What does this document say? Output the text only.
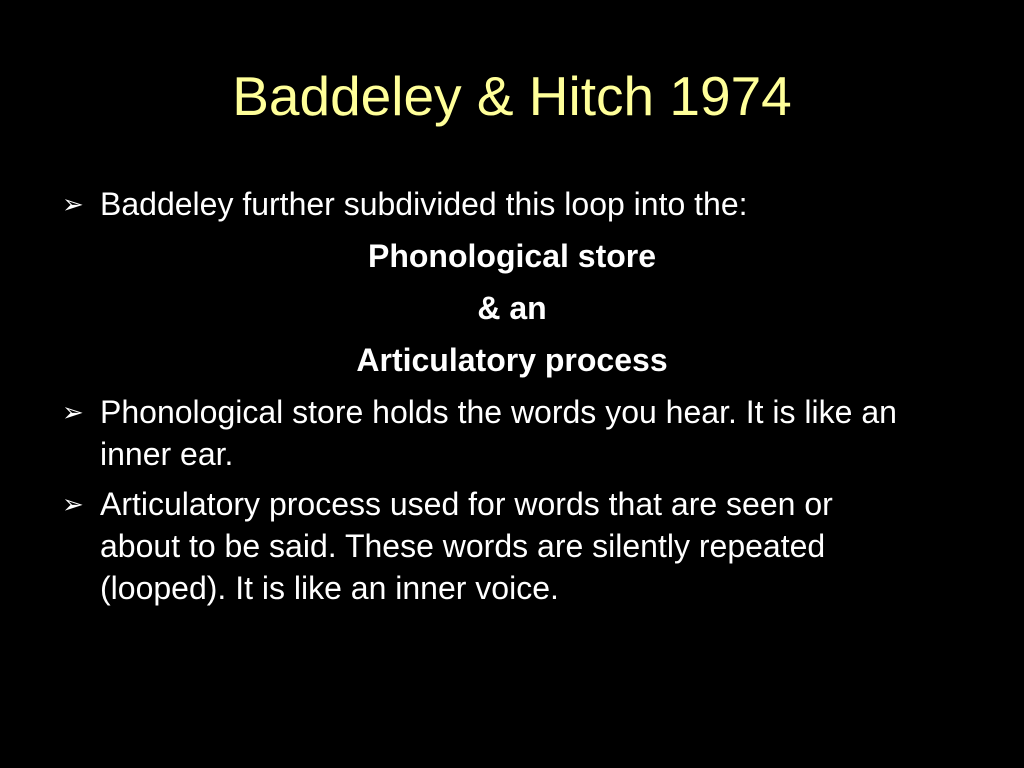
Baddeley & Hitch 1974
➢ Baddeley further subdivided this loop into the:
Phonological store
& an
Articulatory process
➢ Phonological store holds the words you hear. It is like an inner ear.
➢ Articulatory process used for words that are seen or about to be said. These words are silently repeated (looped). It is like an inner voice.
